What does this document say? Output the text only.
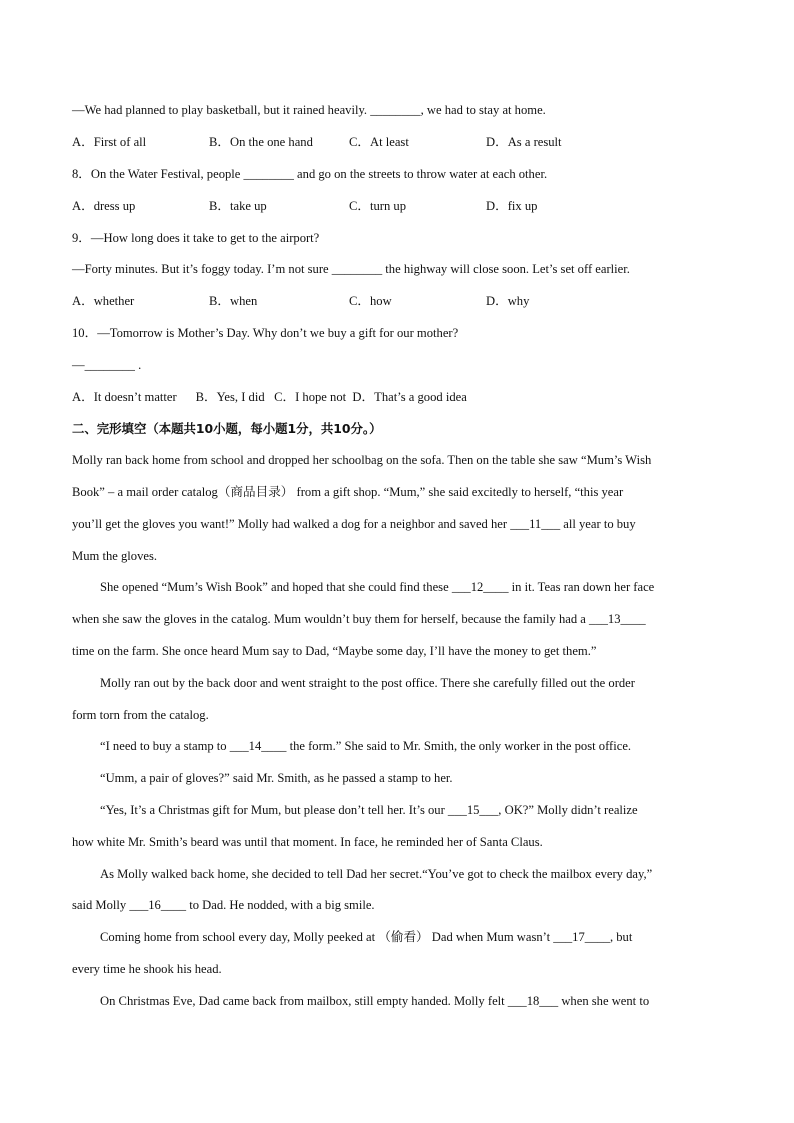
—We had planned to play basketball, but it rained heavily. ________, we had to stay at home.
A．First of all	B．On the one hand	C．At least	D．As a result
8．On the Water Festival, people ________ and go on the streets to throw water at each other.
A．dress up	B．take up	C．turn up	D．fix up
9．—How long does it take to get to the airport?
—Forty minutes. But it’s foggy today. I’m not sure ________ the highway will close soon. Let’s set off earlier.
A．whether	B．when	C．how	D．why
10．—Tomorrow is Mother’s Day. Why don’t we buy a gift for our mother?
—________ .
A．It doesn’t matter      B．Yes, I did   C．I hope not  D．That’s a good idea
二、完形填空（本题共10小题，每小题1分，共10分。）
Molly ran back home from school and dropped her schoolbag on the sofa. Then on the table she saw “Mum’s Wish
Book” – a mail order catalog（商品目录） from a gift shop. “Mum,” she said excitedly to herself, “this year
you’ll get the gloves you want!” Molly had walked a dog for a neighbor and saved her ___11___ all year to buy
Mum the gloves.
She opened “Mum’s Wish Book” and hoped that she could find these ___12____ in it. Teas ran down her face
when she saw the gloves in the catalog. Mum wouldn’t buy them for herself, because the family had a ___13____
time on the farm. She once heard Mum say to Dad, “Maybe some day, I’ll have the money to get them.”
Molly ran out by the back door and went straight to the post office. There she carefully filled out the order
form torn from the catalog.
“I need to buy a stamp to ___14____ the form.” She said to Mr. Smith, the only worker in the post office.
“Umm, a pair of gloves?” said Mr. Smith, as he passed a stamp to her.
“Yes, It’s a Christmas gift for Mum, but please don’t tell her. It’s our ___15___, OK?” Molly didn’t realize
how white Mr. Smith’s beard was until that moment. In face, he reminded her of Santa Claus.
As Molly walked back home, she decided to tell Dad her secret.“You’ve got to check the mailbox every day,”
said Molly ___16____ to Dad. He nodded, with a big smile.
Coming home from school every day, Molly peeked at （偷看） Dad when Mum wasn’t ___17____, but
every time he shook his head.
On Christmas Eve, Dad came back from mailbox, still empty handed. Molly felt ___18___ when she went to
